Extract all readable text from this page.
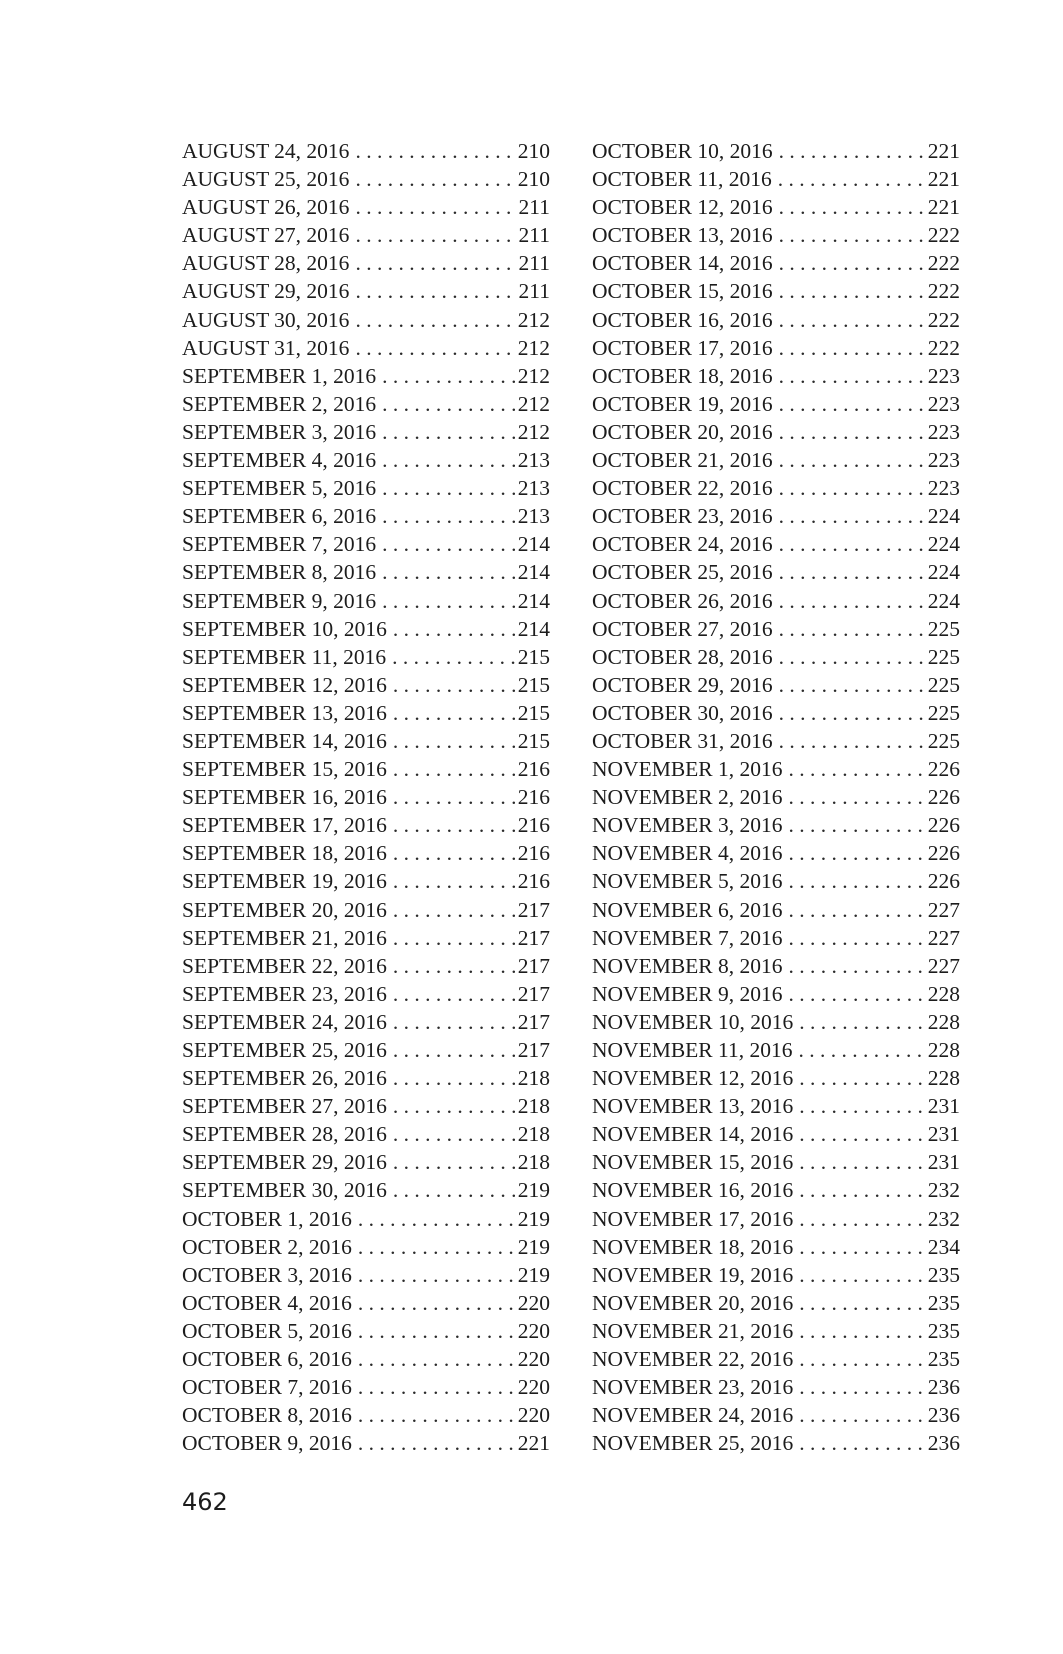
AUGUST 24, 2016 . . .	210
AUGUST 25, 2016 . . .	210
AUGUST 26, 2016 . . .	211
AUGUST 27, 2016 . . .	211
AUGUST 28, 2016 . . .	211
AUGUST 29, 2016 . . .	211
AUGUST 30, 2016 . . .	212
AUGUST 31, 2016 . . .	212
SEPTEMBER 1, 2016 . . .	212
SEPTEMBER 2, 2016 . . .	212
SEPTEMBER 3, 2016 . . .	212
SEPTEMBER 4, 2016 . . .	213
SEPTEMBER 5, 2016 . . .	213
SEPTEMBER 6, 2016 . . .	213
SEPTEMBER 7, 2016 . . .	214
SEPTEMBER 8, 2016 . . .	214
SEPTEMBER 9, 2016 . . .	214
SEPTEMBER 10, 2016 . . .	214
SEPTEMBER 11, 2016 . . .	215
SEPTEMBER 12, 2016 . . .	215
SEPTEMBER 13, 2016 . . .	215
SEPTEMBER 14, 2016 . . .	215
SEPTEMBER 15, 2016 . . .	216
SEPTEMBER 16, 2016 . . .	216
SEPTEMBER 17, 2016 . . .	216
SEPTEMBER 18, 2016 . . .	216
SEPTEMBER 19, 2016 . . .	216
SEPTEMBER 20, 2016 . . .	217
SEPTEMBER 21, 2016 . . .	217
SEPTEMBER 22, 2016 . . .	217
SEPTEMBER 23, 2016 . . .	217
SEPTEMBER 24, 2016 . . .	217
SEPTEMBER 25, 2016 . . .	217
SEPTEMBER 26, 2016 . . .	218
SEPTEMBER 27, 2016 . . .	218
SEPTEMBER 28, 2016 . . .	218
SEPTEMBER 29, 2016 . . .	218
SEPTEMBER 30, 2016 . . .	219
OCTOBER 1, 2016 . . .	219
OCTOBER 2, 2016 . . .	219
OCTOBER 3, 2016 . . .	219
OCTOBER 4, 2016 . . .	220
OCTOBER 5, 2016 . . .	220
OCTOBER 6, 2016 . . .	220
OCTOBER 7, 2016 . . .	220
OCTOBER 8, 2016 . . .	220
OCTOBER 9, 2016 . . .	221
OCTOBER 10, 2016 . . .	221
OCTOBER 11, 2016 . . .	221
OCTOBER 12, 2016 . . .	221
OCTOBER 13, 2016 . . .	222
OCTOBER 14, 2016 . . .	222
OCTOBER 15, 2016 . . .	222
OCTOBER 16, 2016 . . .	222
OCTOBER 17, 2016 . . .	222
OCTOBER 18, 2016 . . .	223
OCTOBER 19, 2016 . . .	223
OCTOBER 20, 2016 . . .	223
OCTOBER 21, 2016 . . .	223
OCTOBER 22, 2016 . . .	223
OCTOBER 23, 2016 . . .	224
OCTOBER 24, 2016 . . .	224
OCTOBER 25, 2016 . . .	224
OCTOBER 26, 2016 . . .	224
OCTOBER 27, 2016 . . .	225
OCTOBER 28, 2016 . . .	225
OCTOBER 29, 2016 . . .	225
OCTOBER 30, 2016 . . .	225
OCTOBER 31, 2016 . . .	225
NOVEMBER 1, 2016 . . .	226
NOVEMBER 2, 2016 . . .	226
NOVEMBER 3, 2016 . . .	226
NOVEMBER 4, 2016 . . .	226
NOVEMBER 5, 2016 . . .	226
NOVEMBER 6, 2016 . . .	227
NOVEMBER 7, 2016 . . .	227
NOVEMBER 8, 2016 . . .	227
NOVEMBER 9, 2016 . . .	228
NOVEMBER 10, 2016 . . .	228
NOVEMBER 11, 2016 . . .	228
NOVEMBER 12, 2016 . . .	228
NOVEMBER 13, 2016 . . .	231
NOVEMBER 14, 2016 . . .	231
NOVEMBER 15, 2016 . . .	231
NOVEMBER 16, 2016 . . .	232
NOVEMBER 17, 2016 . . .	232
NOVEMBER 18, 2016 . . .	234
NOVEMBER 19, 2016 . . .	235
NOVEMBER 20, 2016 . . .	235
NOVEMBER 21, 2016 . . .	235
NOVEMBER 22, 2016 . . .	235
NOVEMBER 23, 2016 . . .	236
NOVEMBER 24, 2016 . . .	236
NOVEMBER 25, 2016 . . .	236
462
